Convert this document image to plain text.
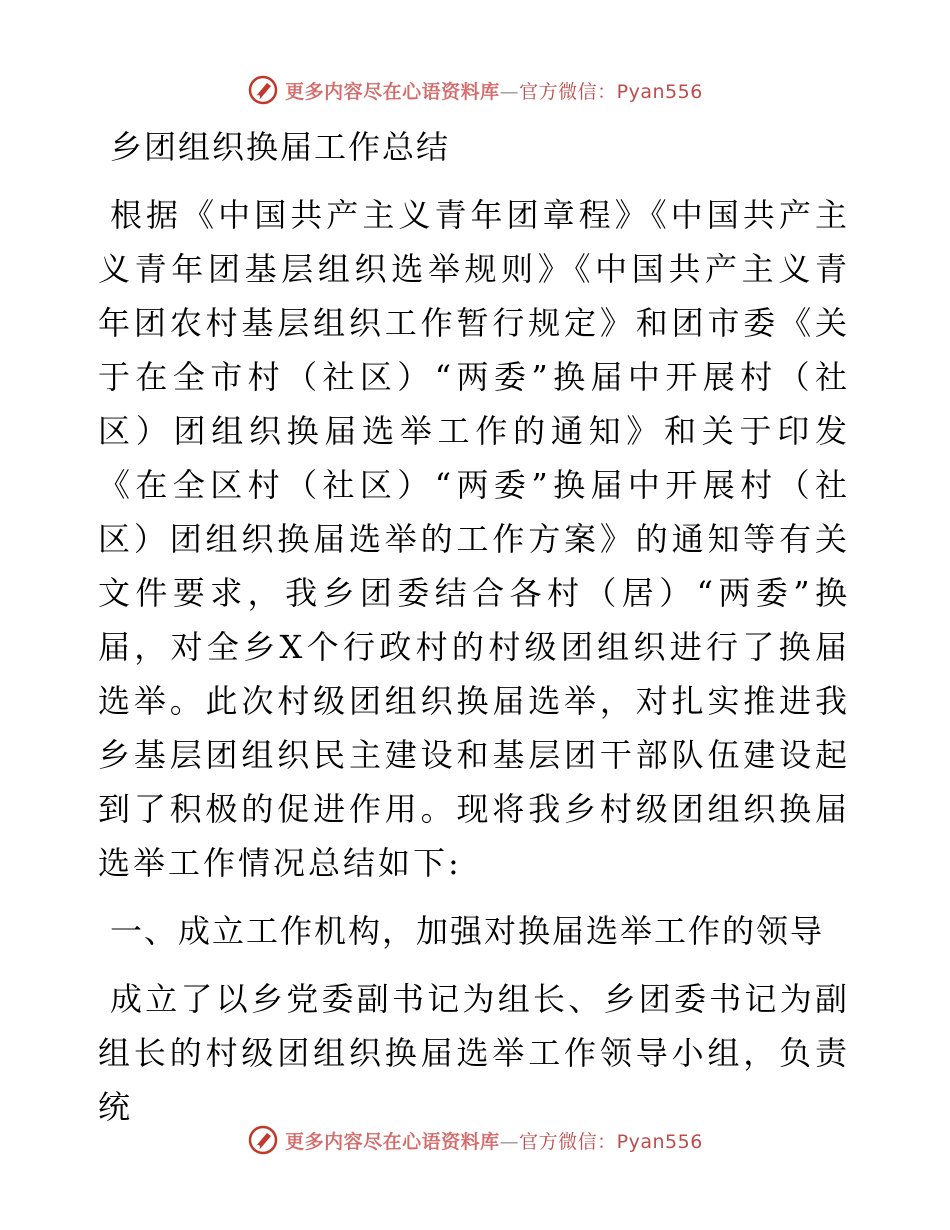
更多内容尽在心语资料库—官方微信：Pyan556
乡团组织换届工作总结

根据《中国共产主义青年团章程》《中国共产主义青年团基层组织选举规则》《中国共产主义青年团农村基层组织工作暂行规定》和团市委《关于在全市村（社区）“两委”换届中开展村（社区）团组织换届选举工作的通知》和关于印发《在全区村（社区）“两委”换届中开展村（社区）团组织换届选举的工作方案》的通知等有关文件要求，我乡团委结合各村（居）“两委”换届，对全乡X个行政村的村级团组织进行了换届选举。此次村级团组织换届选举，对扎实推进我乡基层团组织民主建设和基层团干部队伍建设起到了积极的促进作用。现将我乡村级团组织换届选举工作情况总结如下:

一、成立工作机构，加强对换届选举工作的领导

成立了以乡党委副书记为组长、乡团委书记为副组长的村级团组织换届选举工作领导小组，负责统

更多内容尽在心语资料库—官方微信：Pyan556
